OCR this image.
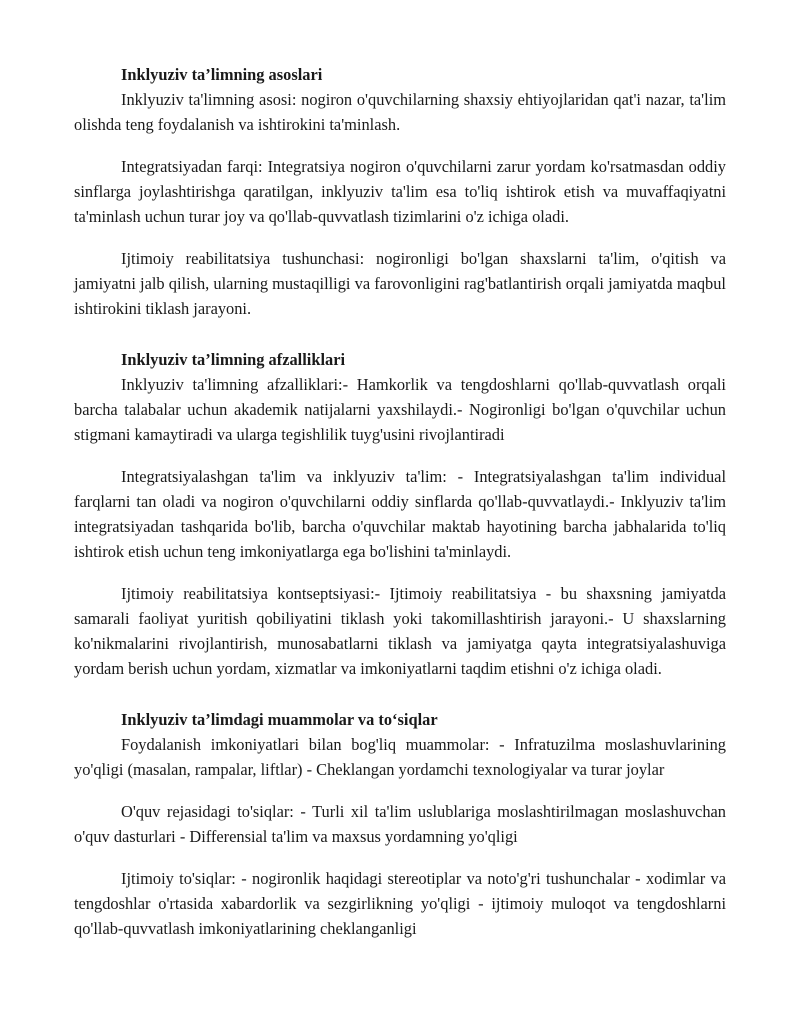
Inklyuziv ta’limning asoslari

Inklyuziv ta'limning asosi: nogiron o'quvchilarning shaxsiy ehtiyojlaridan qat'i nazar, ta'lim olishda teng foydalanish va ishtirokini ta'minlash.

Integratsiyadan farqi: Integratsiya nogiron o'quvchilarni zarur yordam ko'rsatmasdan oddiy sinflarga joylashtirishga qaratilgan, inklyuziv ta'lim esa to'liq ishtirok etish va muvaffaqiyatni ta'minlash uchun turar joy va qo'llab-quvvatlash tizimlarini o'z ichiga oladi.

Ijtimoiy reabilitatsiya tushunchasi: nogironligi bo'lgan shaxslarni ta'lim, o'qitish va jamiyatni jalb qilish, ularning mustaqilligi va farovonligini rag'batlantirish orqali jamiyatda maqbul ishtirokini tiklash jarayoni.

Inklyuziv ta’limning afzalliklari

Inklyuziv ta'limning afzalliklari:- Hamkorlik va tengdoshlarni qo'llab-quvvatlash orqali barcha talabalar uchun akademik natijalarni yaxshilaydi.- Nogironligi bo'lgan o'quvchilar uchun stigmani kamaytiradi va ularga tegishlilik tuyg'usini rivojlantiradi

Integratsiyalashgan ta'lim va inklyuziv ta'lim: - Integratsiyalashgan ta'lim individual farqlarni tan oladi va nogiron o'quvchilarni oddiy sinflarda qo'llab-quvvatlaydi.- Inklyuziv ta'lim integratsiyadan tashqarida bo'lib, barcha o'quvchilar maktab hayotining barcha jabhalarida to'liq ishtirok etish uchun teng imkoniyatlarga ega bo'lishini ta'minlaydi.

Ijtimoiy reabilitatsiya kontseptsiyasi:- Ijtimoiy reabilitatsiya - bu shaxsning jamiyatda samarali faoliyat yuritish qobiliyatini tiklash yoki takomillashtirish jarayoni.- U shaxslarning ko'nikmalarini rivojlantirish, munosabatlarni tiklash va jamiyatga qayta integratsiyalashuviga yordam berish uchun yordam, xizmatlar va imkoniyatlarni taqdim etishni o'z ichiga oladi.

Inklyuziv ta’limdagi muammolar va to‘siqlar

Foydalanish imkoniyatlari bilan bog'liq muammolar: - Infratuzilma moslashuvlarining yo'qligi (masalan, rampalar, liftlar) - Cheklangan yordamchi texnologiyalar va turar joylar

O'quv rejasidagi to'siqlar: - Turli xil ta'lim uslublariga moslashtirilmagan moslashuvchan o'quv dasturlari - Differensial ta'lim va maxsus yordamning yo'qligi

Ijtimoiy to'siqlar: - nogironlik haqidagi stereotiplar va noto'g'ri tushunchalar - xodimlar va tengdoshlar o'rtasida xabardorlik va sezgirlikning yo'qligi - ijtimoiy muloqot va tengdoshlarni qo'llab-quvvatlash imkoniyatlarining cheklanganligi
